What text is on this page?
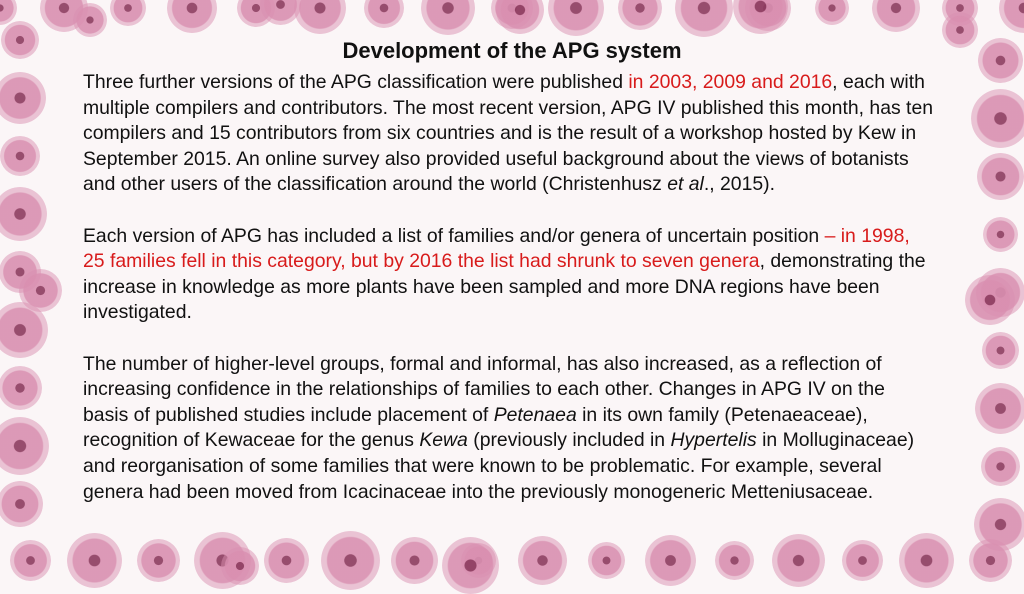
Development of the APG system

Three further versions of the APG classification were published in 2003, 2009 and 2016, each with multiple compilers and contributors. The most recent version, APG IV published this month, has ten compilers and 15 contributors from six countries and is the result of a workshop hosted by Kew in September 2015. An online survey also provided useful background about the views of botanists and other users of the classification around the world (Christenhusz et al., 2015).

Each version of APG has included a list of families and/or genera of uncertain position – in 1998, 25 families fell in this category, but by 2016 the list had shrunk to seven genera, demonstrating the increase in knowledge as more plants have been sampled and more DNA regions have been investigated.

The number of higher-level groups, formal and informal, has also increased, as a reflection of increasing confidence in the relationships of families to each other. Changes in APG IV on the basis of published studies include placement of Petenaea in its own family (Petenaeaceae), recognition of Kewaceae for the genus Kewa (previously included in Hypertelis in Molluginaceae) and reorganisation of some families that were known to be problematic. For example, several genera had been moved from Icacinaceae into the previously monogeneric Metteniusaceae.
